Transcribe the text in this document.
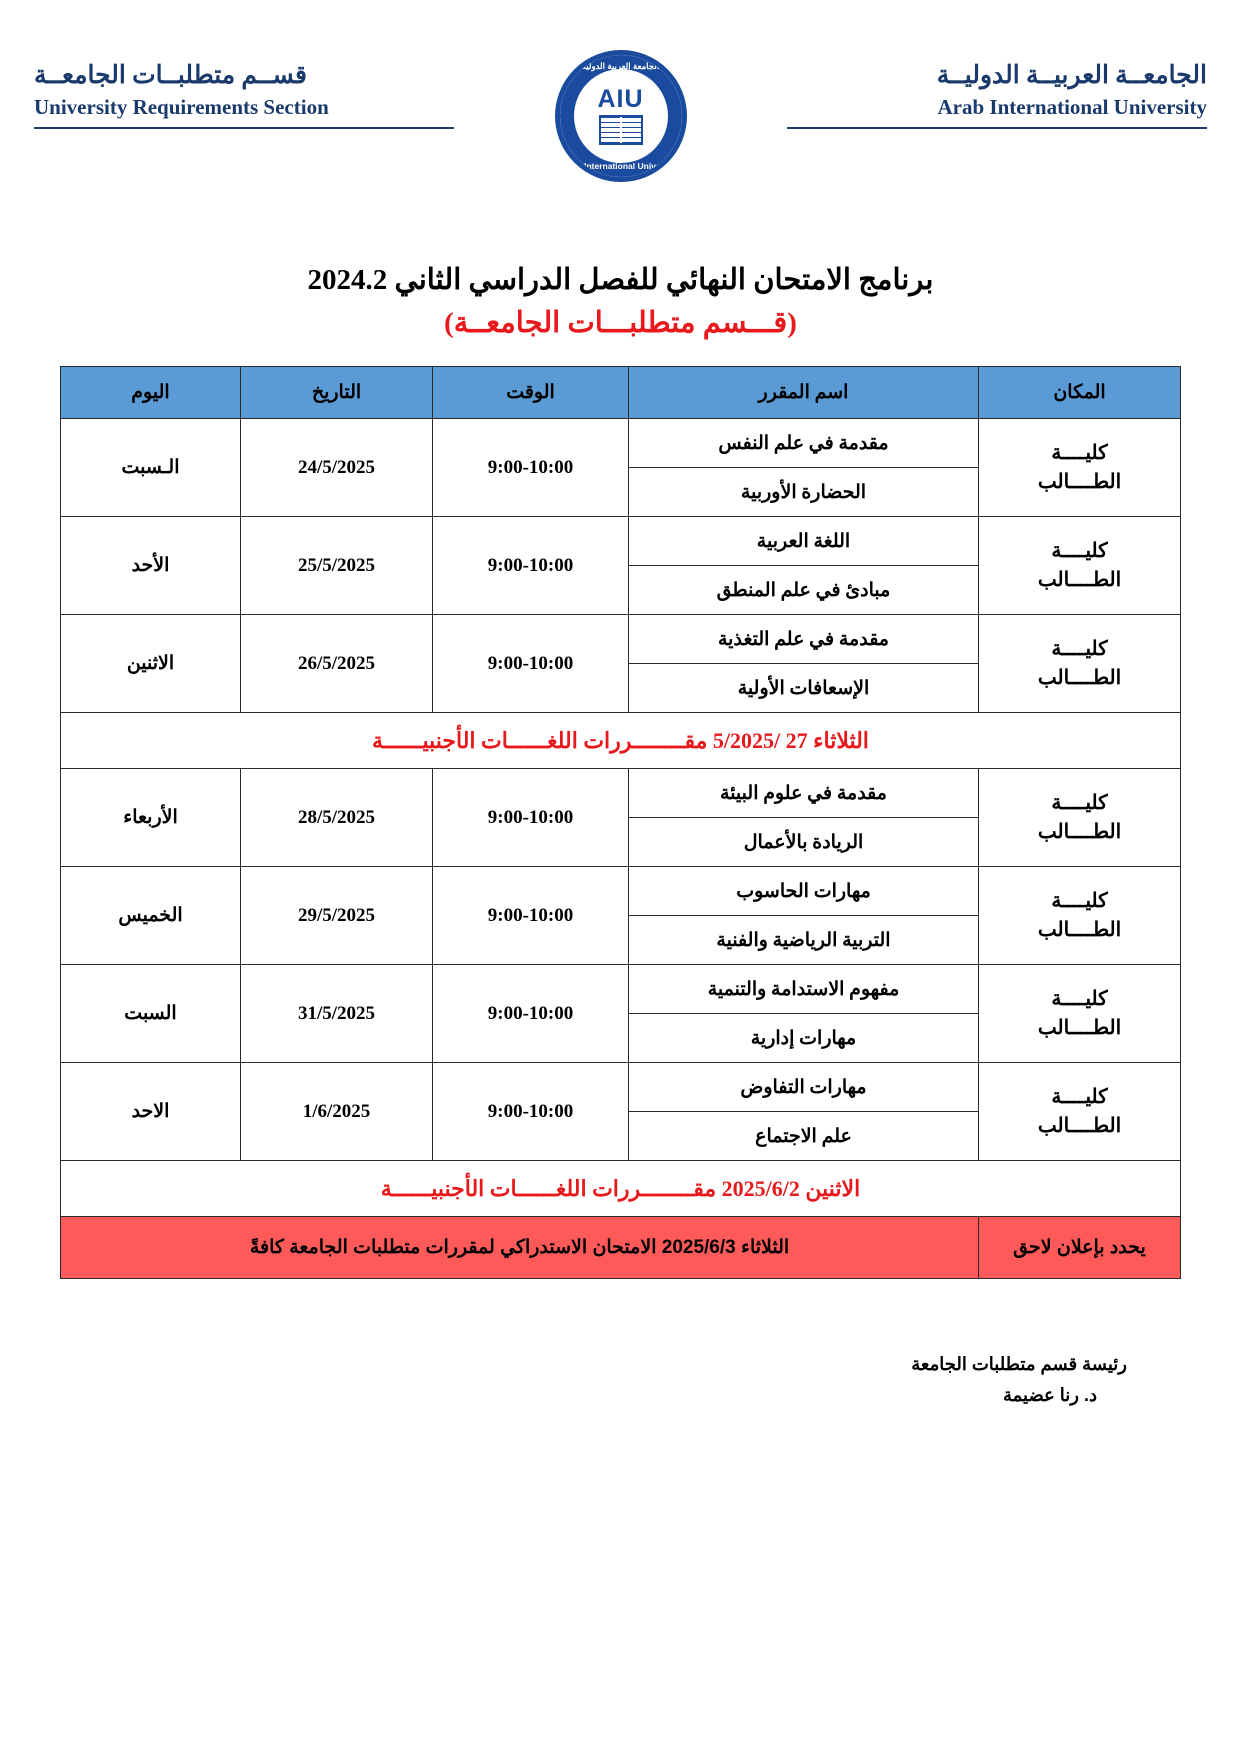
الجامعــة العربيــة الدوليــة
Arab International University
الجامعة العربية الدولية
Arab International University
AIU
قســم متطلبــات الجامعــة
University Requirements Section
برنامج الامتحان النهائي للفصل الدراسي الثاني 2024.2
(قـــسم متطلبـــات الجامعــة)
المكان	اسم المقرر	الوقت	التاريخ	اليوم

كليــــة
الطــــالب	مقدمة في علم النفس	9:00-10:00	24/5/2025	الـسبت
	الحضارة الأوربية			

كليــــة
الطــــالب	اللغة العربية	9:00-10:00	25/5/2025	الأحد
	مبادئ في علم المنطق			

كليــــة
الطــــالب	مقدمة في علم التغذية	9:00-10:00	26/5/2025	الاثنين
	الإسعافات الأولية			
الثلاثاء 27 /5/2025 مقــــــــررات اللغــــــات الأجنبيــــــة				

كليــــة
الطــــالب	مقدمة في علوم البيئة	9:00-10:00	28/5/2025	الأربعاء
	الريادة بالأعمال			

كليــــة
الطــــالب	مهارات الحاسوب	9:00-10:00	29/5/2025	الخميس
	التربية الرياضية والفنية			

كليــــة
الطــــالب	مفهوم الاستدامة والتنمية	9:00-10:00	31/5/2025	السبت
	مهارات إدارية			

كليــــة
الطــــالب	مهارات التفاوض	9:00-10:00	1/6/2025	الاحد
	علم الاجتماع			
الاثنين 2025/6/2 مقــــــــررات اللغــــــات الأجنبيــــــة				
يحدد بإعلان لاحق	الثلاثاء 2025/6/3 الامتحان الاستدراكي لمقررات متطلبات الجامعة كافةً			
رئيسة قسم متطلبات الجامعة
د. رنا عضيمة
